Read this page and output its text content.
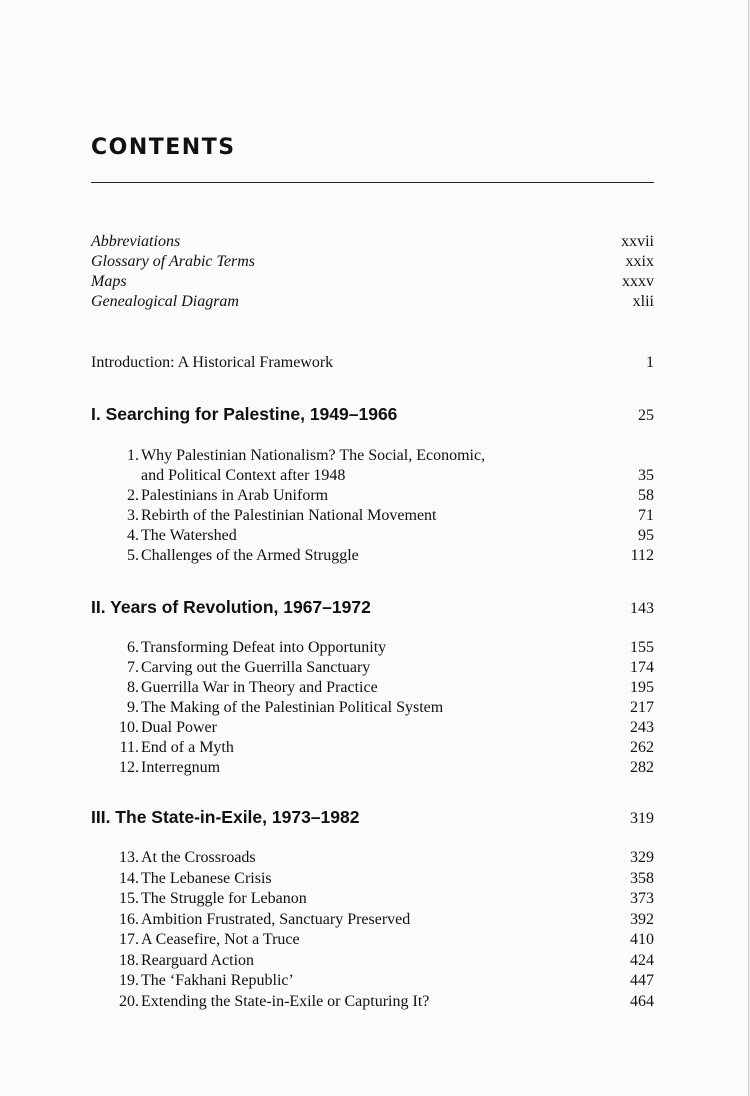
CONTENTS
Abbreviations	xxvii
Glossary of Arabic Terms	xxix
Maps	xxxv
Genealogical Diagram	xlii
Introduction: A Historical Framework	1
I. Searching for Palestine, 1949–1966	25
1. Why Palestinian Nationalism? The Social, Economic,
and Political Context after 1948	35
2. Palestinians in Arab Uniform	58
3. Rebirth of the Palestinian National Movement	71
4. The Watershed	95
5. Challenges of the Armed Struggle	112
II. Years of Revolution, 1967–1972	143
6. Transforming Defeat into Opportunity	155
7. Carving out the Guerrilla Sanctuary	174
8. Guerrilla War in Theory and Practice	195
9. The Making of the Palestinian Political System	217
10. Dual Power	243
11. End of a Myth	262
12. Interregnum	282
III. The State-in-Exile, 1973–1982	319
13. At the Crossroads	329
14. The Lebanese Crisis	358
15. The Struggle for Lebanon	373
16. Ambition Frustrated, Sanctuary Preserved	392
17. A Ceasefire, Not a Truce	410
18. Rearguard Action	424
19. The ‘Fakhani Republic’	447
20. Extending the State-in-Exile or Capturing It?	464
